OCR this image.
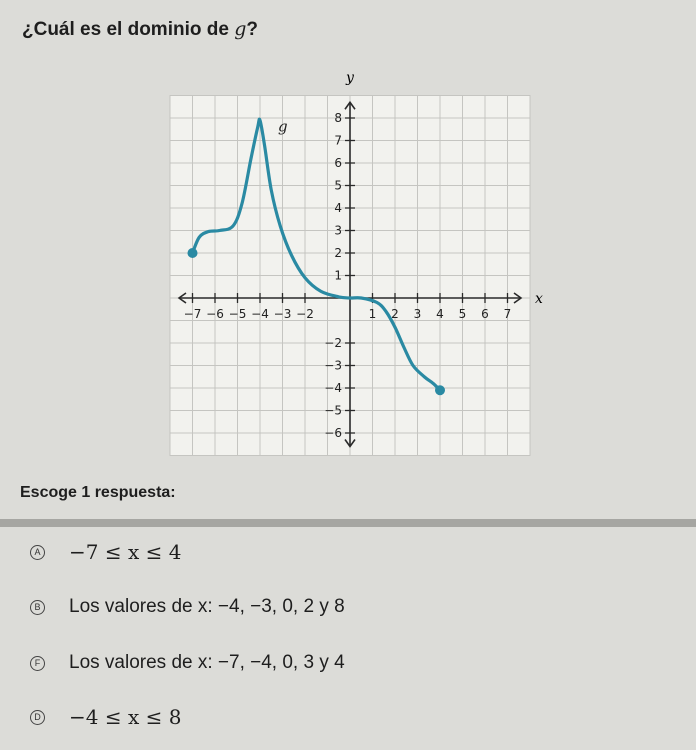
¿Cuál es el dominio de g?
x
y
−7 −6 −5 −4 −3 −2	1 2 3 4 5 6 7
8
7
6
5
4
3
2
1
−2
−3
−4
−5
−6
g
Escoge 1 respuesta:
A −7 ≤ x ≤ 4
B Los valores de x: −4, −3, 0, 2 y 8
F Los valores de x: −7, −4, 0, 3 y 4
D −4 ≤ x ≤ 8
